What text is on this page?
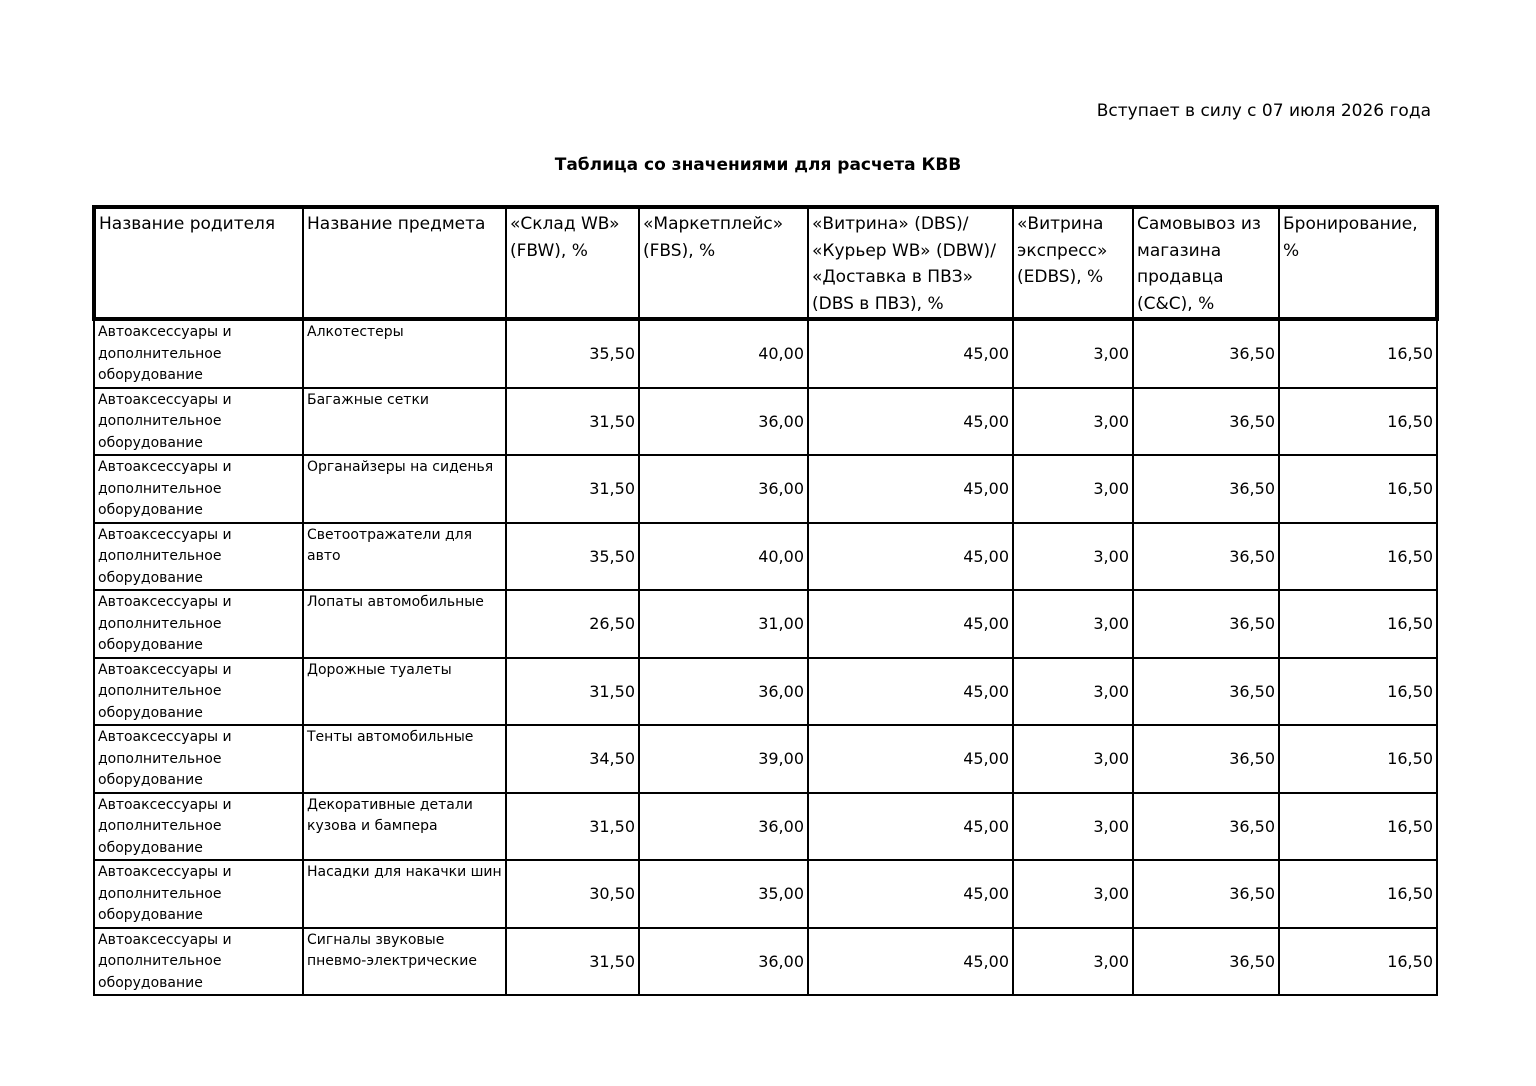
Вступает в силу с 07 июля 2026 года
Таблица со значениями для расчета КВВ
Название родителя	Название предмета	«Склад WB» (FBW), %	«Маркетплейс» (FBS), %	«Витрина» (DBS)/ «Курьер WB» (DBW)/ «Доставка в ПВЗ» (DBS в ПВЗ), %	«Витрина экспресс» (EDBS), %	Самовывоз из магазина продавца (C&C), %	Бронирование, %
Автоаксессуары и дополнительное оборудование	Алкотестеры	35,50	40,00	45,00	3,00	36,50	16,50
Автоаксессуары и дополнительное оборудование	Багажные сетки	31,50	36,00	45,00	3,00	36,50	16,50
Автоаксессуары и дополнительное оборудование	Органайзеры на сиденья	31,50	36,00	45,00	3,00	36,50	16,50
Автоаксессуары и дополнительное оборудование	Светоотражатели для авто	35,50	40,00	45,00	3,00	36,50	16,50
Автоаксессуары и дополнительное оборудование	Лопаты автомобильные	26,50	31,00	45,00	3,00	36,50	16,50
Автоаксессуары и дополнительное оборудование	Дорожные туалеты	31,50	36,00	45,00	3,00	36,50	16,50
Автоаксессуары и дополнительное оборудование	Тенты автомобильные	34,50	39,00	45,00	3,00	36,50	16,50
Автоаксессуары и дополнительное оборудование	Декоративные детали кузова и бампера	31,50	36,00	45,00	3,00	36,50	16,50
Автоаксессуары и дополнительное оборудование	Насадки для накачки шин	30,50	35,00	45,00	3,00	36,50	16,50
Автоаксессуары и дополнительное оборудование	Сигналы звуковые пневмо-электрические	31,50	36,00	45,00	3,00	36,50	16,50
